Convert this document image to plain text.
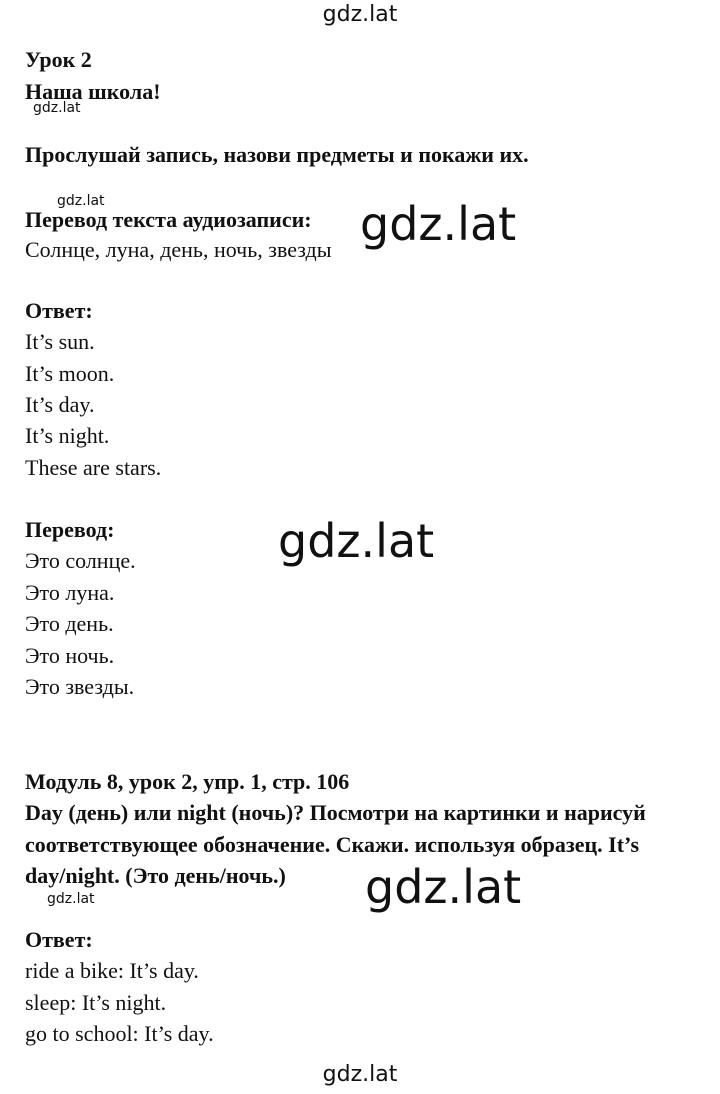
gdz.lat
Урок 2
Наша школа!
gdz.lat
Прослушай запись, назови предметы и покажи их.
gdz.lat
Перевод текста аудиозаписи:
Солнце, луна, день, ночь, звезды gdz.lat
Ответ:
It’s sun.
It’s moon.
It’s day.
It’s night.
These are stars.
Перевод:	gdz.lat
Это солнце.
Это луна.
Это день.
Это ночь.
Это звезды.
Модуль 8, урок 2, упр. 1, стр. 106
Day (день) или night (ночь)? Посмотри на картинки и нарисуй
соответствующее обозначение. Скажи. используя образец. It’s
day/night. (Это день/ночь.)
gdz.lat	gdz.lat
Ответ:
ride a bike: It’s day.
sleep: It’s night.
go to school: It’s day.
gdz.lat
